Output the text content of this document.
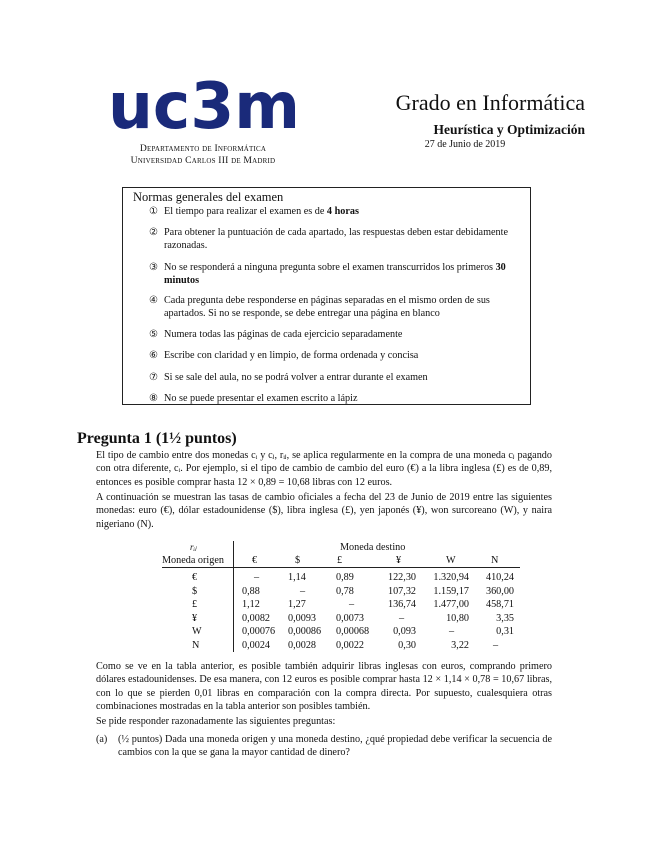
uc3m
Departamento de Informática
Universidad Carlos III de Madrid
Grado en Informática
Heurística y Optimización
27 de Junio de 2019
Normas generales del examen
① El tiempo para realizar el examen es de 4 horas
② Para obtener la puntuación de cada apartado, las respuestas deben estar debidamente razonadas.
③ No se responderá a ninguna pregunta sobre el examen transcurridos los primeros 30 minutos
④ Cada pregunta debe responderse en páginas separadas en el mismo orden de sus apartados. Si no se responde, se debe entregar una página en blanco
⑤ Numera todas las páginas de cada ejercicio separadamente
⑥ Escribe con claridad y en limpio, de forma ordenada y concisa
⑦ Si se sale del aula, no se podrá volver a entrar durante el examen
⑧ No se puede presentar el examen escrito a lápiz
Pregunta 1 (1½ puntos)
El tipo de cambio entre dos monedas cᵢ y cⱼ, rᵢⱼ, se aplica regularmente en la compra de una moneda cⱼ pagando con otra diferente, cᵢ. Por ejemplo, si el tipo de cambio de cambio del euro (€) a la libra inglesa (£) es de 0,89, entonces es posible comprar hasta 12 × 0,89 = 10,68 libras con 12 euros.
A continuación se muestran las tasas de cambio oficiales a fecha del 23 de Junio de 2019 entre las siguientes monedas: euro (€), dólar estadounidense ($), libra inglesa (£), yen japonés (¥), won surcoreano (W), y naira nigeriano (N).
rᵢⱼ
Moneda origen
Moneda destino
€	$	£	¥	W	N
€	–	1,14	0,89	122,30 1.320,94 410,24
$	0,88	–	0,78	107,32 1.159,17 360,00
£	1,12	1,27	–	136,74 1.477,00 458,71
¥	0,0082 0,0093 0,0073	–	10,80	3,35
W	0,00076 0,00086 0,00068 0,093	–	0,31
N	0,0024 0,0028 0,0022	0,30	3,22 –
Como se ve en la tabla anterior, es posible también adquirir libras inglesas con euros, comprando primero dólares estadounidenses. De esa manera, con 12 euros es posible comprar hasta 12 × 1,14 × 0,78 = 10,67 libras, con lo que se pierden 0,01 libras en comparación con la compra directa. Por supuesto, cualesquiera otras combinaciones mostradas en la tabla anterior son posibles también.
Se pide responder razonadamente las siguientes preguntas:
(a) (½ puntos) Dada una moneda origen y una moneda destino, ¿qué propiedad debe verificar la secuencia de cambios con la que se gana la mayor cantidad de dinero?
